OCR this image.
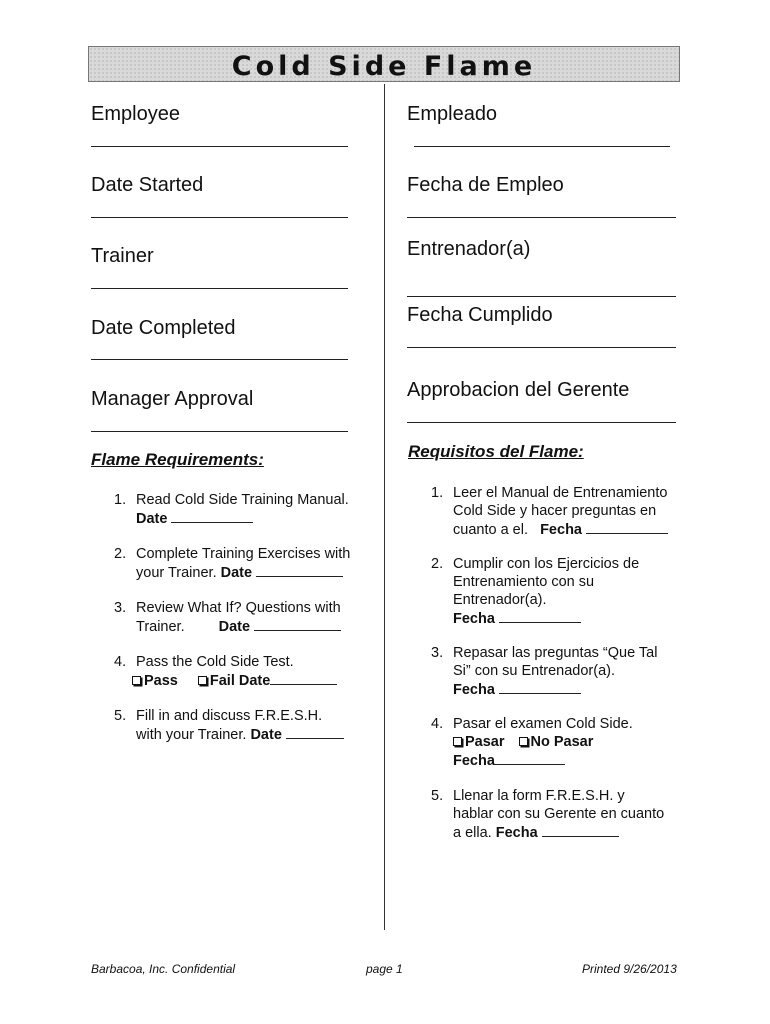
Cold Side Flame
Employee
Date Started
Trainer
Date Completed
Manager Approval
Empleado
Fecha de Empleo
Entrenador(a)
Fecha Cumplido
Approbacion del Gerente
Flame Requirements:	Requisitos del Flame:
1. Read Cold Side Training Manual.
Date
2. Complete Training Exercises with
your Trainer. Date
3. Review What If? Questions with
Trainer. Date
4. Pass the Cold Side Test.
Pass Fail Date
5. Fill in and discuss F.R.E.S.H.
with your Trainer. Date
1. Leer el Manual de Entrenamiento
Cold Side y hacer preguntas en
cuanto a el. Fecha
2. Cumplir con los Ejercicios de
Entrenamiento con su
Entrenador(a).
Fecha
3. Repasar las preguntas “Que Tal
Si” con su Entrenador(a).
Fecha
4. Pasar el examen Cold Side.
Pasar No Pasar
Fecha
5. Llenar la form F.R.E.S.H. y
hablar con su Gerente en cuanto
a ella. Fecha
Barbacoa, Inc. Confidential	page 1	Printed 9/26/2013
